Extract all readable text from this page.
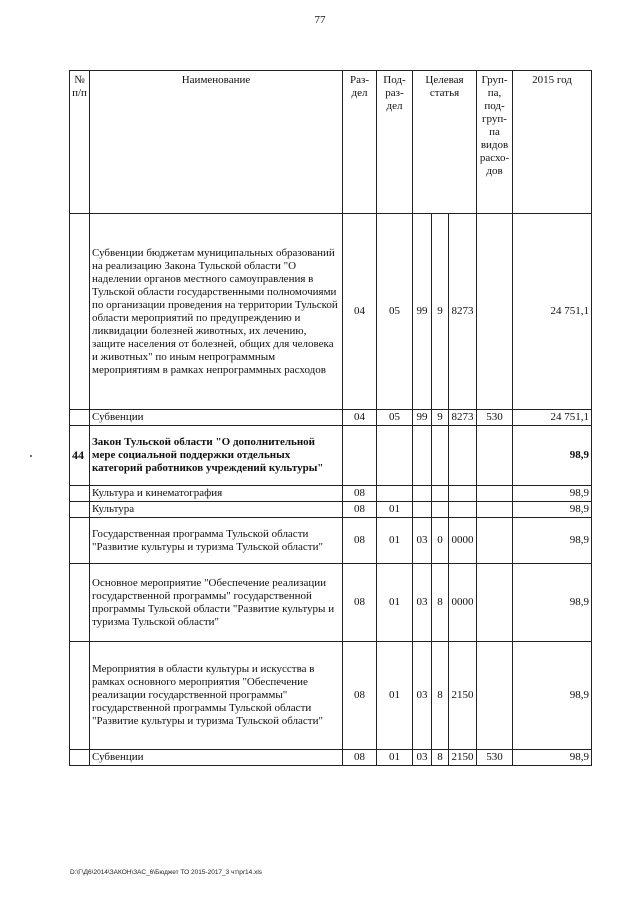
77
№ п/п	Наименование	Раз-дел	Под-раз-дел	Целевая статья			Груп-па, под-груп-па видов расхо-дов	2015 год
	Субвенции бюджетам муниципальных образований на реализацию Закона Тульской области "О наделении органов местного самоуправления в Тульской области государственными полномочиями по организации проведения на территории Тульской области мероприятий по предупреждению и ликвидации болезней животных, их лечению, защите населения от болезней, общих для человека и животных" по иным непрограммным мероприятиям в рамках непрограммных расходов	04	05	99	9	8273		24 751,1
	Субвенции	04	05	99	9	8273	530	24 751,1
44	Закон Тульской области "О дополнительной мере социальной поддержки отдельных категорий работников учреждений культуры"							98,9
	Культура и кинематография	08						98,9
	Культура	08	01					98,9
	Государственная программа Тульской области "Развитие культуры и туризма Тульской области"	08	01	03	0	0000		98,9
	Основное мероприятие "Обеспечение реализации государственной программы" государственной программы Тульской области "Развитие культуры и туризма Тульской области"	08	01	03	8	0000		98,9
	Мероприятия в области культуры и искусства в рамках основного мероприятия "Обеспечение реализации государственной программы" государственной программы Тульской области "Развитие культуры и туризма Тульской области"	08	01	03	8	2150		98,9
	Субвенции	08	01	03	8	2150	530	98,9
D:\Г\Д6\2014\ЗАКОН\ЗАС_6\Бюджет ТО 2015-2017_3 чт\pr14.xls
